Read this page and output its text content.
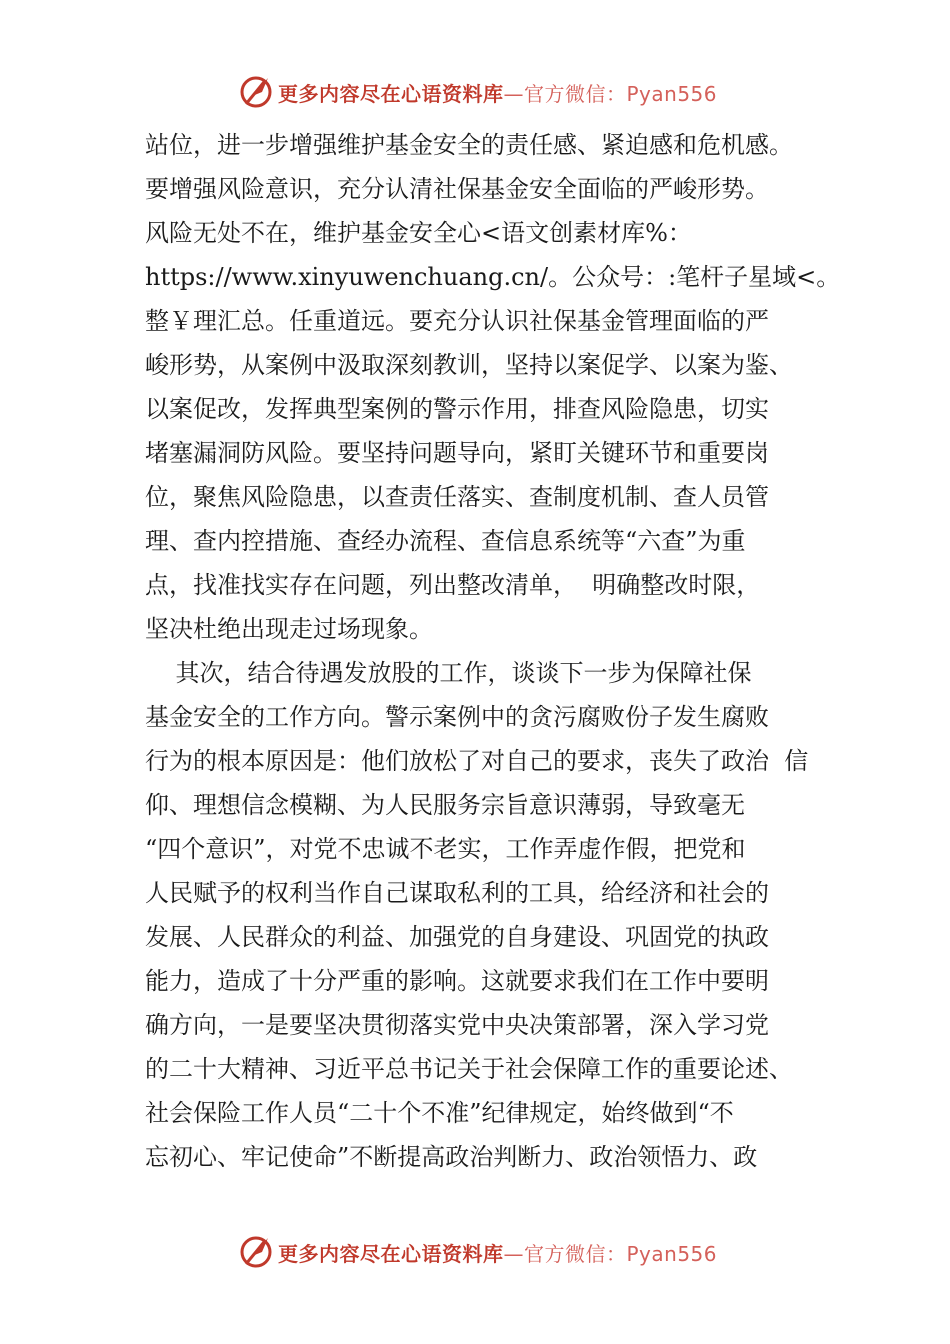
更多内容尽在心语资料库—官方微信：Pyan556
站位，进一步增强维护基金安全的责任感、紧迫感和危机感。
要增强风险意识，充分认清社保基金安全面临的严峻形势。
风险无处不在，维护基金安全心<语文创素材库%：
https://www.xinyuwenchuang.cn/。公众号：:笔杆子星域<。
整￥理汇总。任重道远。要充分认识社保基金管理面临的严
峻形势，从案例中汲取深刻教训，坚持以案促学、以案为鉴、
以案促改，发挥典型案例的警示作用，排查风险隐患，切实
堵塞漏洞防风险。要坚持问题导向，紧盯关键环节和重要岗
位，聚焦风险隐患，以查责任落实、查制度机制、查人员管
理、查内控措施、查经办流程、查信息系统等“六查”为重
点，找准找实存在问题，列出整改清单，  明确整改时限，
坚决杜绝出现走过场现象。
其次，结合待遇发放股的工作，谈谈下一步为保障社保
基金安全的工作方向。警示案例中的贪污腐败份子发生腐败
行为的根本原因是：他们放松了对自己的要求，丧失了政治  信
仰、理想信念模糊、为人民服务宗旨意识薄弱，导致毫无
“四个意识”，对党不忠诚不老实，工作弄虚作假，把党和
人民赋予的权利当作自己谋取私利的工具，给经济和社会的
发展、人民群众的利益、加强党的自身建设、巩固党的执政
能力，造成了十分严重的影响。这就要求我们在工作中要明
确方向，一是要坚决贯彻落实党中央决策部署，深入学习党
的二十大精神、习近平总书记关于社会保障工作的重要论述、
社会保险工作人员“二十个不准”纪律规定，始终做到“不
忘初心、牢记使命”不断提高政治判断力、政治领悟力、政
更多内容尽在心语资料库—官方微信：Pyan556
